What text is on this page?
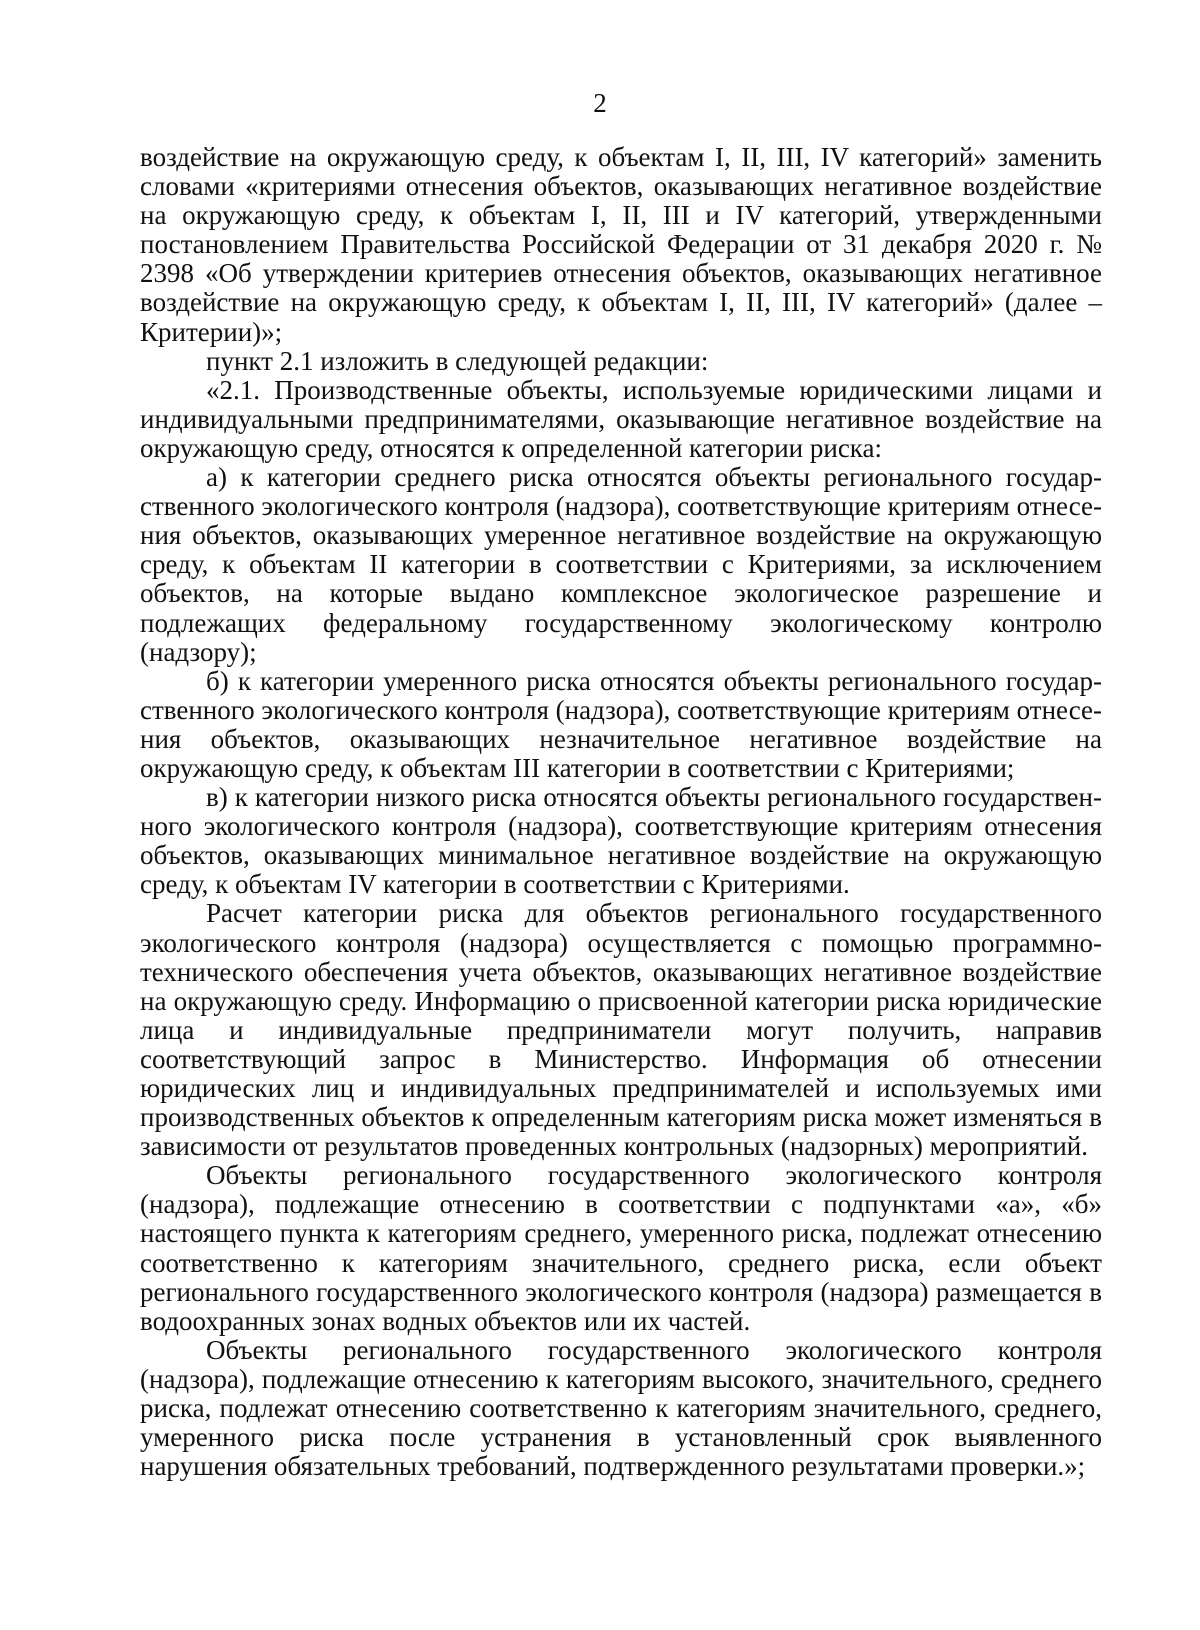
2

воздействие на окружающую среду, к объектам I, II, III, IV категорий» заменить словами «критериями отнесения объектов, оказывающих негативное воздействие на окружающую среду, к объектам I, II, III и IV категорий, утвержденными постановлением Правительства Российской Федерации от 31 декабря 2020 г. № 2398 «Об утверждении критериев отнесения объектов, оказывающих негативное воздействие на окружающую среду, к объектам I, II, III, IV категорий» (далее – Критерии)»;

пункт 2.1 изложить в следующей редакции:

«2.1. Производственные объекты, используемые юридическими лицами и индивидуальными предпринимателями, оказывающие негативное воздействие на окружающую среду, относятся к определенной категории риска:

а) к категории среднего риска относятся объекты регионального государственного экологического контроля (надзора), соответствующие критериям отнесения объектов, оказывающих умеренное негативное воздействие на окружающую среду, к объектам II категории в соответствии с Критериями, за исключением объектов, на которые выдано комплексное экологическое разрешение и подлежащих федеральному государственному экологическому контролю (надзору);

б) к категории умеренного риска относятся объекты регионального государственного экологического контроля (надзора), соответствующие критериям отнесения объектов, оказывающих незначительное негативное воздействие на окружающую среду, к объектам III категории в соответствии с Критериями;

в) к категории низкого риска относятся объекты регионального государственного экологического контроля (надзора), соответствующие критериям отнесения объектов, оказывающих минимальное негативное воздействие на окружающую среду, к объектам IV категории в соответствии с Критериями.

Расчет категории риска для объектов регионального государственного экологического контроля (надзора) осуществляется с помощью программно-технического обеспечения учета объектов, оказывающих негативное воздействие на окружающую среду. Информацию о присвоенной категории риска юридические лица и индивидуальные предприниматели могут получить, направив соответствующий запрос в Министерство. Информация об отнесении юридических лиц и индивидуальных предпринимателей и используемых ими производственных объектов к определенным категориям риска может изменяться в зависимости от результатов проведенных контрольных (надзорных) мероприятий.

Объекты регионального государственного экологического контроля (надзора), подлежащие отнесению в соответствии с подпунктами «а», «б» настоящего пункта к категориям среднего, умеренного риска, подлежат отнесению соответственно к категориям значительного, среднего риска, если объект регионального государственного экологического контроля (надзора) размещается в водоохранных зонах водных объектов или их частей.

Объекты регионального государственного экологического контроля (надзора), подлежащие отнесению к категориям высокого, значительного, среднего риска, подлежат отнесению соответственно к категориям значительного, среднего, умеренного риска после устранения в установленный срок выявленного нарушения обязательных требований, подтвержденного результатами проверки.»;
